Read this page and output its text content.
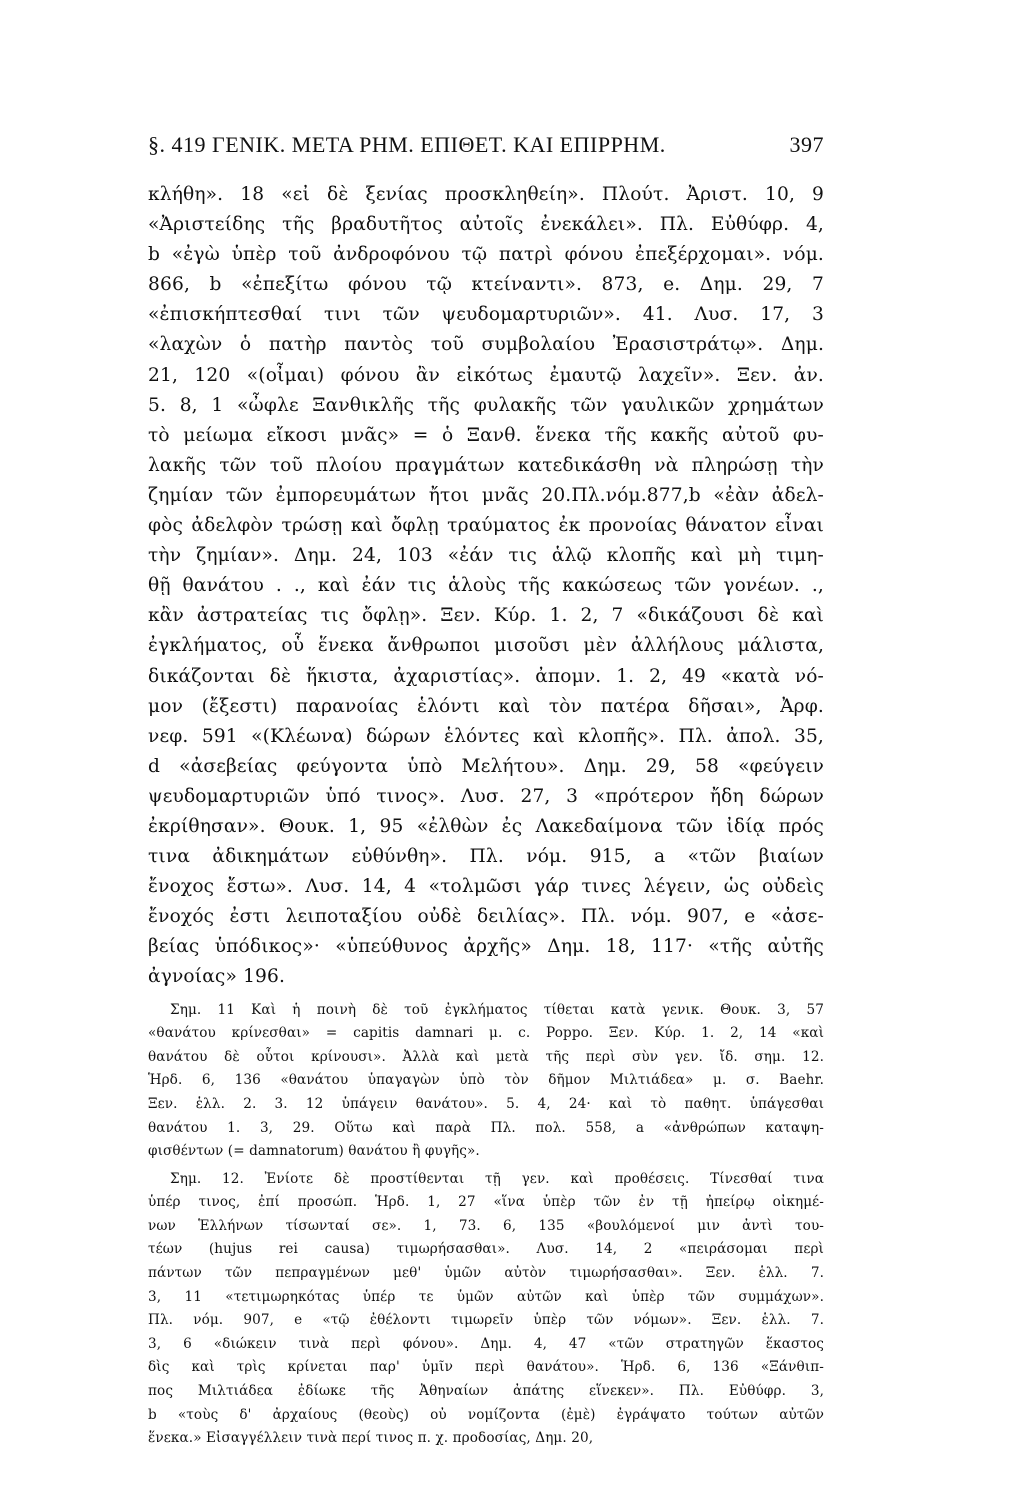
§. 419 ΓΕΝΙΚ. ΜΕΤΑ ΡΗΜ. ΕΠΙΘΕΤ. ΚΑΙ ΕΠΙΡΡΗΜ.	397
κλήθη». 18 «εἰ δὲ ξενίας προσκληθείη». Πλούτ. Ἀριστ. 10, 9
«Ἀριστείδης τῆς βραδυτῆτος αὐτοῖς ἐνεκάλει». Πλ. Εὐθύφρ. 4,
b «ἐγὼ ὑπὲρ τοῦ ἀνδροφόνου τῷ πατρὶ φόνου ἐπεξέρχομαι». νόμ.
866, b «ἐπεξίτω φόνου τῷ κτείναντι». 873, e. Δημ. 29, 7
«ἐπισκήπτεσθαί τινι τῶν ψευδομαρτυριῶν». 41. Λυσ. 17, 3
«λαχὼν ὁ πατὴρ παντὸς τοῦ συμβολαίου Ἐρασιστράτῳ». Δημ.
21, 120 «(οἶμαι) φόνου ἂν εἰκότως ἐμαυτῷ λαχεῖν». Ξεν. ἀν.
5. 8, 1 «ὦφλε Ξανθικλῆς τῆς φυλακῆς τῶν γαυλικῶν χρημάτων
τὸ μείωμα εἴκοσι μνᾶς» = ὁ Ξανθ. ἕνεκα τῆς κακῆς αὐτοῦ φυ-
λακῆς τῶν τοῦ πλοίου πραγμάτων κατεδικάσθη νὰ πληρώσῃ τὴν
ζημίαν τῶν ἐμπορευμάτων ἤτοι μνᾶς 20.Πλ.νόμ.877,b «ἐὰν ἀδελ-
φὸς ἀδελφὸν τρώσῃ καὶ ὄφλῃ τραύματος ἐκ προνοίας θάνατον εἶναι
τὴν ζημίαν». Δημ. 24, 103 «ἐάν τις ἁλῷ κλοπῆς καὶ μὴ τιμη-
θῇ θανάτου . ., καὶ ἐάν τις ἁλοὺς τῆς κακώσεως τῶν γονέων. .,
κἂν ἀστρατείας τις ὄφλῃ». Ξεν. Κύρ. 1. 2, 7 «δικάζουσι δὲ καὶ
ἐγκλήματος, οὗ ἕνεκα ἄνθρωποι μισοῦσι μὲν ἀλλήλους μάλιστα,
δικάζονται δὲ ἥκιστα, ἀχαριστίας». ἀπομν. 1. 2, 49 «κατὰ νό-
μον (ἔξεστι) παρανοίας ἑλόντι καὶ τὸν πατέρα δῆσαι», Ἀρφ.
νεφ. 591 «(Κλέωνα) δώρων ἑλόντες καὶ κλοπῆς». Πλ. ἀπολ. 35,
d «ἀσεβείας φεύγοντα ὑπὸ Μελήτου». Δημ. 29, 58 «φεύγειν
ψευδομαρτυριῶν ὑπό τινος». Λυσ. 27, 3 «πρότερον ἤδη δώρων
ἐκρίθησαν». Θουκ. 1, 95 «ἐλθὼν ἐς Λακεδαίμονα τῶν ἰδίᾳ πρός
τινα ἀδικημάτων εὐθύνθη». Πλ. νόμ. 915, a «τῶν βιαίων
ἔνοχος ἔστω». Λυσ. 14, 4 «τολμῶσι γάρ τινες λέγειν, ὡς οὐδεὶς
ἔνοχός ἐστι λειποταξίου οὐδὲ δειλίας». Πλ. νόμ. 907, e «ἀσε-
βείας ὑπόδικος»· «ὑπεύθυνος ἀρχῆς» Δημ. 18, 117· «τῆς αὐτῆς
ἀγνοίας» 196.
Σημ. 11 Καὶ ἡ ποινὴ δὲ τοῦ ἐγκλήματος τίθεται κατὰ γενικ. Θουκ. 3, 57
«θανάτου κρίνεσθαι» = capitis damnari μ. c. Poppo. Ξεν. Κύρ. 1. 2, 14 «καὶ
θανάτου δὲ οὗτοι κρίνουσι». Ἀλλὰ καὶ μετὰ τῆς περὶ σὺν γεν. ἴδ. σημ. 12.
Ἡρδ. 6, 136 «θανάτου ὑπαγαγὼν ὑπὸ τὸν δῆμον Μιλτιάδεα» μ. σ. Baehr.
Ξεν. ἑλλ. 2. 3. 12 ὑπάγειν θανάτου». 5. 4, 24· καὶ τὸ παθητ. ὑπάγεσθαι
θανάτου 1. 3, 29. Οὕτω καὶ παρὰ Πλ. πολ. 558, a «ἀνθρώπων καταψη-
φισθέντων (= damnatorum) θανάτου ἢ φυγῆς».
Σημ. 12. Ἐνίοτε δὲ προστίθενται τῇ γεν. καὶ προθέσεις. Τίνεσθαί τινα
ὑπέρ τινος, ἐπί προσώπ. Ἡρδ. 1, 27 «ἵνα ὑπὲρ τῶν ἐν τῇ ἠπείρῳ οἰκημέ-
νων Ἑλλήνων τίσωνταί σε». 1, 73. 6, 135 «βουλόμενοί μιν ἀντὶ του-
τέων (hujus rei causa) τιμωρήσασθαι». Λυσ. 14, 2 «πειράσομαι περὶ
πάντων τῶν πεπραγμένων μεθ' ὑμῶν αὐτὸν τιμωρήσασθαι». Ξεν. ἑλλ. 7.
3, 11 «τετιμωρηκότας ὑπέρ τε ὑμῶν αὐτῶν καὶ ὑπὲρ τῶν συμμάχων».
Πλ. νόμ. 907, e «τῷ ἐθέλοντι τιμωρεῖν ὑπὲρ τῶν νόμων». Ξεν. ἑλλ. 7.
3, 6 «διώκειν τινὰ περὶ φόνου». Δημ. 4, 47 «τῶν στρατηγῶν ἕκαστος
δὶς καὶ τρὶς κρίνεται παρ' ὑμῖν περὶ θανάτου». Ἡρδ. 6, 136 «Ξάνθιπ-
πος Μιλτιάδεα ἐδίωκε τῆς Ἀθηναίων ἀπάτης εἵνεκεν». Πλ. Εὐθύφρ. 3,
b «τοὺς δ' ἀρχαίους (θεοὺς) οὐ νομίζοντα (ἐμὲ) ἐγράψατο τούτων αὐτῶν
ἕνεκα.» Εἰσαγγέλλειν τινὰ περί τινος π. χ. προδοσίας, Δημ. 20,
